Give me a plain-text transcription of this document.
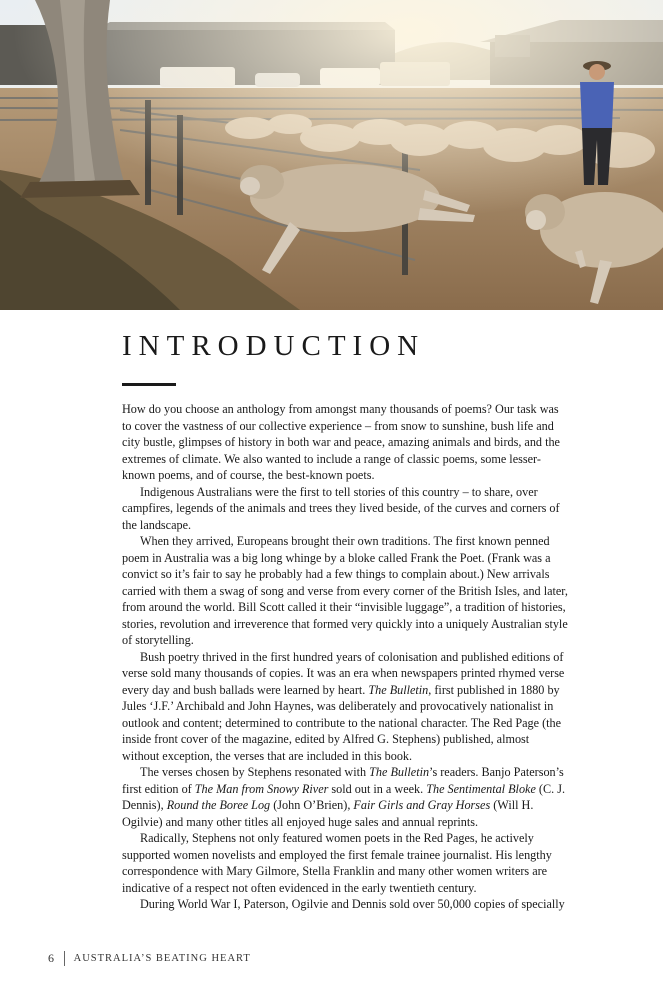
INTRODUCTION

How do you choose an anthology from amongst many thousands of poems? Our task was to cover the vastness of our collective experience – from snow to sunshine, bush life and city bustle, glimpses of history in both war and peace, amazing animals and birds, and the extremes of climate. We also wanted to include a range of classic poems, some lesser-known poems, and of course, the best-known poets.

Indigenous Australians were the first to tell stories of this country – to share, over campfires, legends of the animals and trees they lived beside, of the curves and corners of the landscape.

When they arrived, Europeans brought their own traditions. The first known penned poem in Australia was a big long whinge by a bloke called Frank the Poet. (Frank was a convict so it’s fair to say he probably had a few things to complain about.) New arrivals carried with them a swag of song and verse from every corner of the British Isles, and later, from around the world. Bill Scott called it their “invisible luggage”, a tradition of histories, stories, revolution and irreverence that formed very quickly into a uniquely Australian style of storytelling.

Bush poetry thrived in the first hundred years of colonisation and published editions of verse sold many thousands of copies. It was an era when newspapers printed rhymed verse every day and bush ballads were learned by heart. The Bulletin, first published in 1880 by Jules ‘J.F.’ Archibald and John Haynes, was deliberately and provocatively nationalist in outlook and content; determined to contribute to the national character. The Red Page (the inside front cover of the magazine, edited by Alfred G. Stephens) published, almost without exception, the verses that are included in this book.

The verses chosen by Stephens resonated with The Bulletin’s readers. Banjo Paterson’s first edition of The Man from Snowy River sold out in a week. The Sentimental Bloke (C. J. Dennis), Round the Boree Log (John O’Brien), Fair Girls and Gray Horses (Will H. Ogilvie) and many other titles all enjoyed huge sales and annual reprints.

Radically, Stephens not only featured women poets in the Red Pages, he actively supported women novelists and employed the first female trainee journalist. His lengthy correspondence with Mary Gilmore, Stella Franklin and many other women writers are indicative of a respect not often evidenced in the early twentieth century.

During World War I, Paterson, Ogilvie and Dennis sold over 50,000 copies of specially

6 AUSTRALIA’S BEATING HEART
